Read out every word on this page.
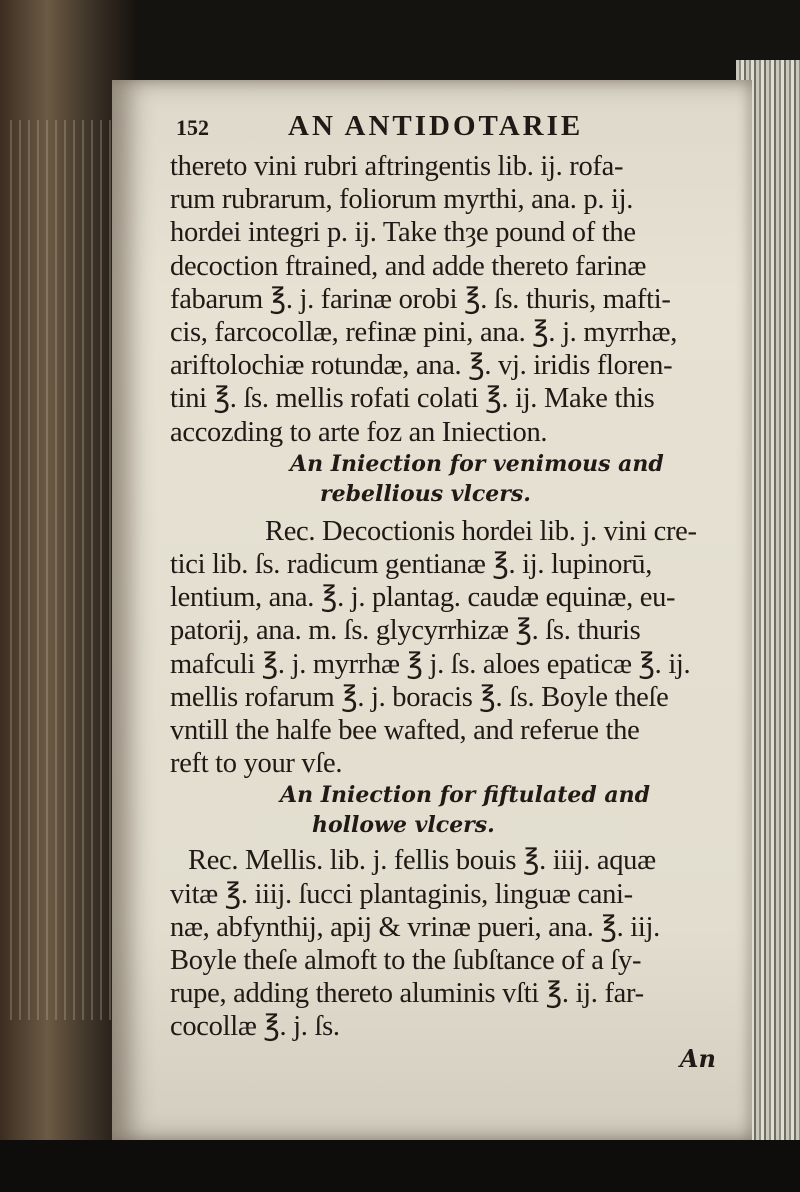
152	AN ANTIDOTARIE
thereto vini rubri aftringentis lib. ij. rofa-
rum rubrarum, foliorum myrthi, ana. p. ij.
hordei integri p. ij. Take thȝe pound of the
decoction ftrained, and adde thereto farinæ
fabarum ℥. j. farinæ orobi ℥. ſs. thuris, mafti-
cis, farcocollæ, refinæ pini, ana. ℥. j. myrrhæ,
ariftolochiæ rotundæ, ana. ℥. vj. iridis floren-
tini ℥. ſs. mellis rofati colati ℥. ij. Make this
accozding to arte foz an Iniection.
An Iniection for venimous and
rebellious vlcers.
Rec. Decoctionis hordei lib. j. vini cre-
tici lib. ſs. radicum gentianæ ℥. ij. lupinorū,
lentium, ana. ℥. j. plantag. caudæ equinæ, eu-
patorij, ana. m. ſs. glycyrrhizæ ℥. ſs. thuris
mafculi ℥. j. myrrhæ ℥ j. ſs. aloes epaticæ ℥. ij.
mellis rofarum ℥. j. boracis ℥. ſs. Boyle theſe
vntill the halfe bee wafted, and referue the
reft to your vſe.
An Iniection for fiftulated and
hollowe vlcers.
Rec. Mellis. lib. j. fellis bouis ℥. iiij. aquæ
vitæ ℥. iiij. ſucci plantaginis, linguæ cani-
næ, abfynthij, apij & vrinæ pueri, ana. ℥. iij.
Boyle theſe almoft to the ſubſtance of a ſy-
rupe, adding thereto aluminis vſti ℥. ij. far-
cocollæ ℥. j. ſs.
An
